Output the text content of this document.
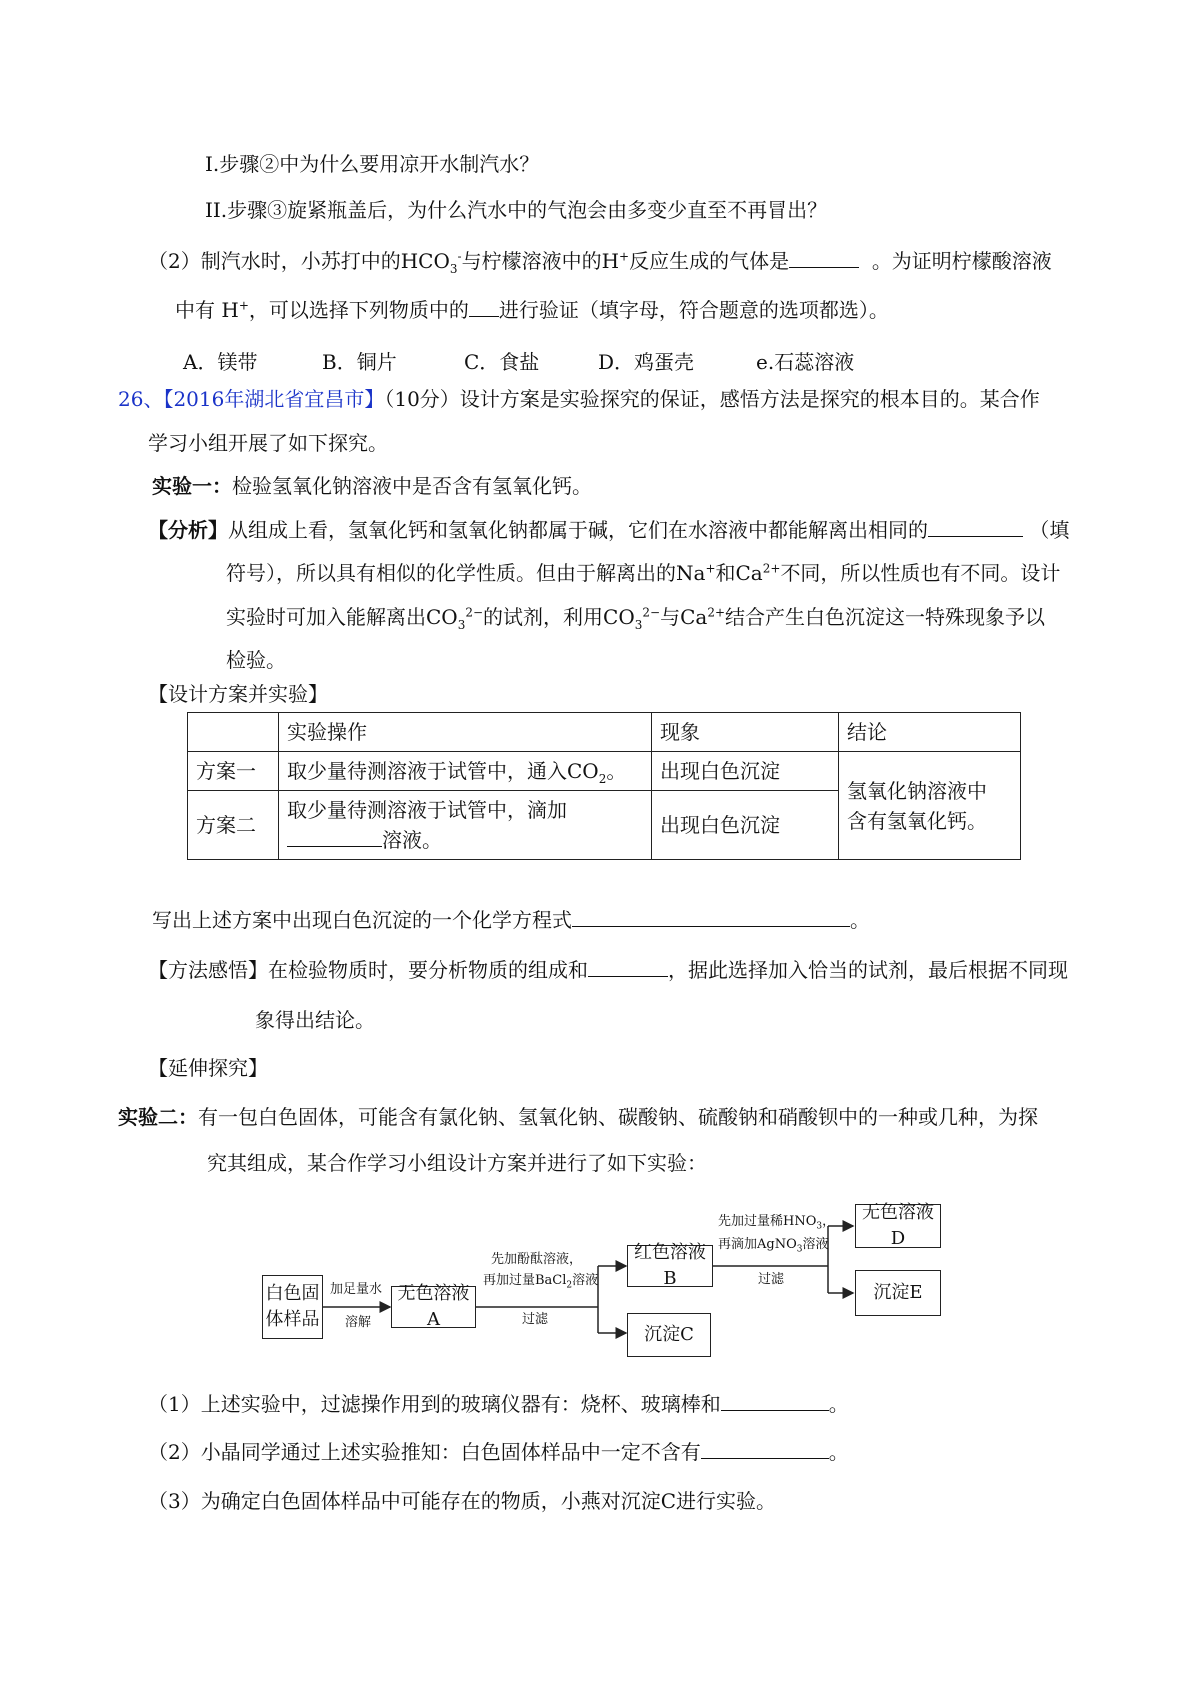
I.步骤②中为什么要用凉开水制汽水？
II.步骤③旋紧瓶盖后，为什么汽水中的气泡会由多变少直至不再冒出？
（2）制汽水时，小苏打中的$HCO_3^-$与柠檬溶液中的H+反应生成的气体是	。为证明柠檬酸溶液
中有 H+，可以选择下列物质中的 进行验证（填字母，符合题意的选项都选）。
A．镁带	B．铜片	C．食盐	D．鸡蛋壳	e.石蕊溶液
26、【2016年湖北省宜昌市】（10分）设计方案是实验探究的保证，感悟方法是探究的根本目的。某合作
学习小组开展了如下探究。
实验一：检验氢氧化钠溶液中是否含有氢氧化钙。
【分析】从组成上看，氢氧化钙和氢氧化钠都属于碱，它们在水溶液中都能解离出相同的	（填
符号），所以具有相似的化学性质。但由于解离出的Na+和$Ca^{2+}$不同，所以性质也有不同。设计
实验时可加入能解离出$CO_3^{2-}$的试剂，利用$CO_3^{2-}$与$Ca^{2+}$结合产生白色沉淀这一特殊现象予以
检验。
【设计方案并实验】
	实验操作	现象	结论
方案一	取少量待测溶液于试管中，通入$CO_2$。	出现白色沉淀	氢氧化钠溶液中
含有氢氧化钙。

方案二	取少量待测溶液于试管中，滴加
溶液。	出现白色沉淀	
写出上述方案中出现白色沉淀的一个化学方程式	。
【方法感悟】在检验物质时，要分析物质的组成和	，据此选择加入恰当的试剂，最后根据不同现
象得出结论。
【延伸探究】
实验二：有一包白色固体，可能含有氯化钠、氢氧化钠、碳酸钠、硫酸钠和硝酸钡中的一种或几种，为探
究其组成，某合作学习小组设计方案并进行了如下实验：
白色固
体样品
加足量水
溶解
无色溶液A
先加酚酞溶液，
再加过量BaCl$_2$溶液
过滤
红色溶液B
沉淀C
先加过量稀$HNO_3$，
再滴加AgNO$_3$溶液
过滤
无色溶液D
沉淀E
（1）上述实验中，过滤操作用到的玻璃仪器有：烧杯、玻璃棒和	。
（2）小晶同学通过上述实验推知：白色固体样品中一定不含有	。
（3）为确定白色固体样品中可能存在的物质，小燕对沉淀C进行实验。
